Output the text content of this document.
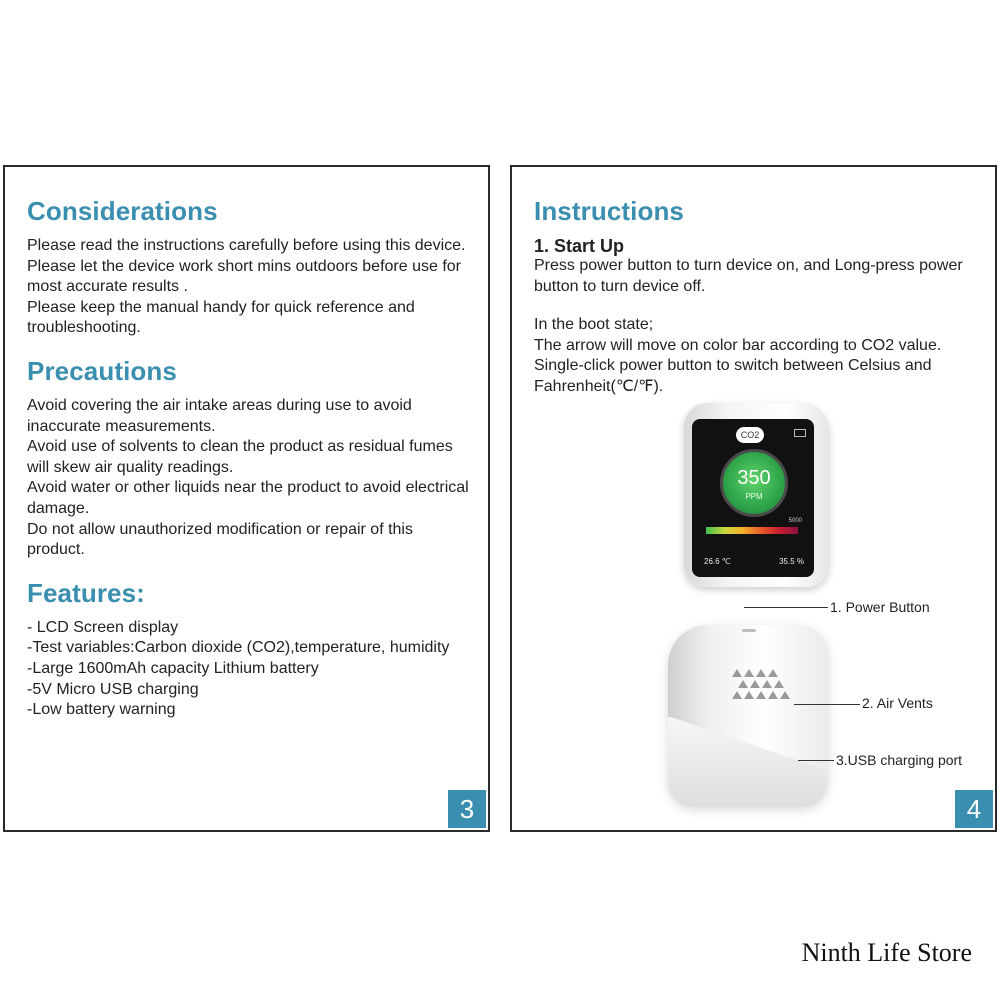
Considerations

Please read the instructions carefully before using this device.

Please let the device work short mins outdoors before use for most accurate results .

Please keep the manual handy for quick reference and troubleshooting.

Precautions

Avoid covering the air intake areas during use to avoid inaccurate measurements.

Avoid use of solvents to clean the product as residual fumes will skew air quality readings.

Avoid water or other liquids near the product to avoid electrical damage.

Do not allow unauthorized modification or repair of this product.

Features:

- LCD Screen display

-Test variables:Carbon dioxide (CO2),temperature, humidity

-Large 1600mAh capacity Lithium battery

-5V Micro USB charging

-Low battery warning

3
Instructions

1. Start Up

Press power button to turn device on, and Long-press power button to turn device off.

In the boot state;

The arrow will move on color bar according to CO2 value.

Single-click power button to switch between Celsius and Fahrenheit(℃/℉).

CO2
350
PPM
5000
26.6 ℃	35.5 %
1. Power Button
2. Air Vents
3.USB charging port
4
Ninth Life Store
